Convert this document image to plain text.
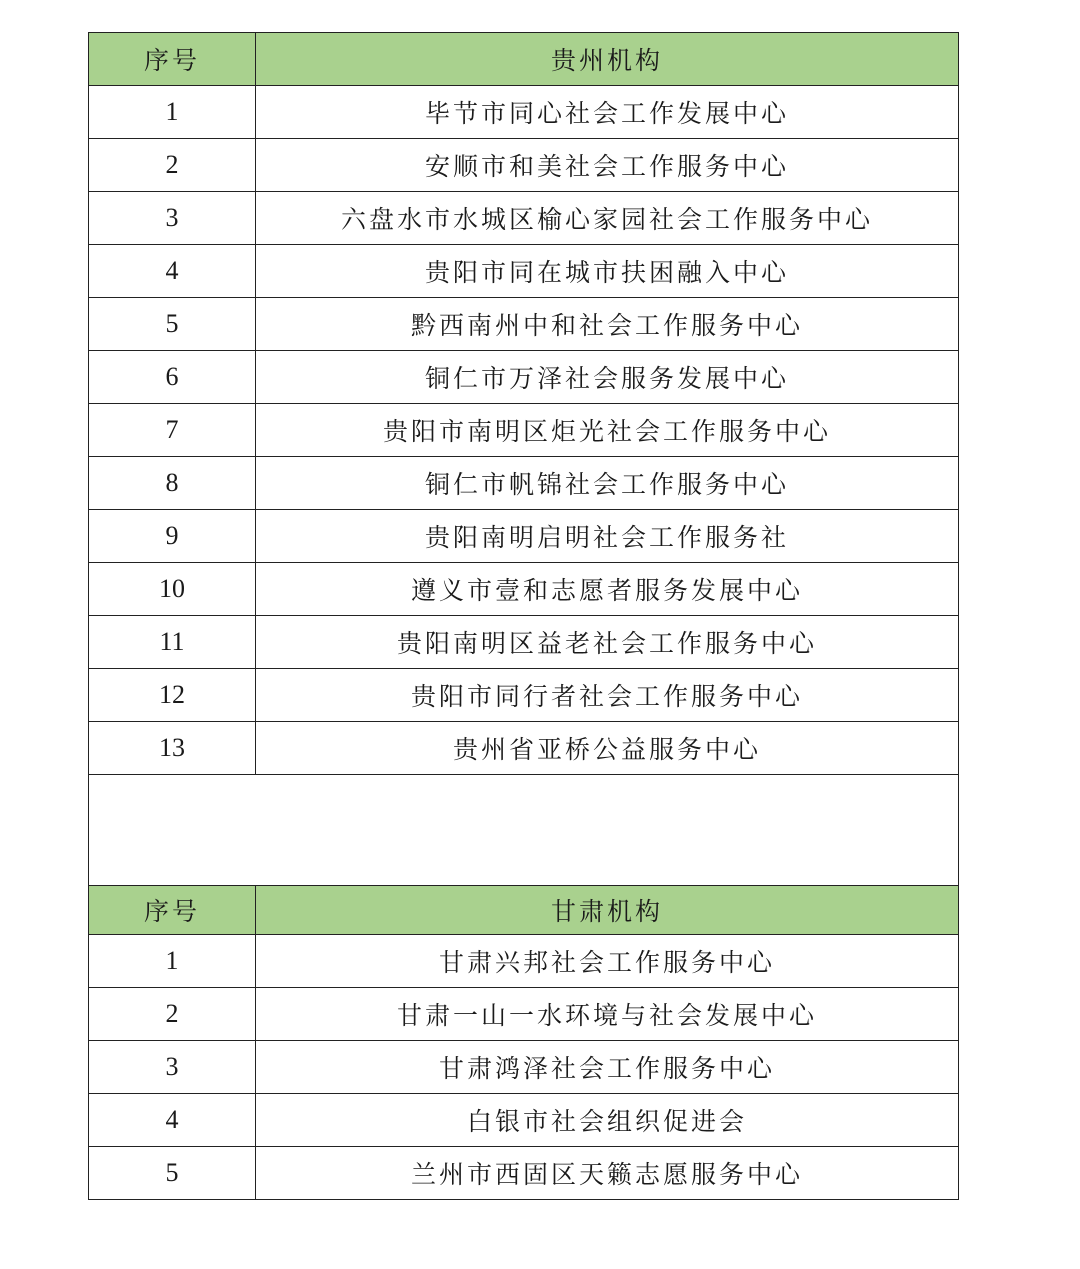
序号	贵州机构
1	毕节市同心社会工作发展中心
2	安顺市和美社会工作服务中心
3	六盘水市水城区榆心家园社会工作服务中心
4	贵阳市同在城市扶困融入中心
5	黔西南州中和社会工作服务中心
6	铜仁市万泽社会服务发展中心
7	贵阳市南明区炬光社会工作服务中心
8	铜仁市帆锦社会工作服务中心
9	贵阳南明启明社会工作服务社
10	遵义市壹和志愿者服务发展中心
11	贵阳南明区益老社会工作服务中心
12	贵阳市同行者社会工作服务中心
13	贵州省亚桥公益服务中心

序号	甘肃机构
1	甘肃兴邦社会工作服务中心
2	甘肃一山一水环境与社会发展中心
3	甘肃鸿泽社会工作服务中心
4	白银市社会组织促进会
5	兰州市西固区天籁志愿服务中心
